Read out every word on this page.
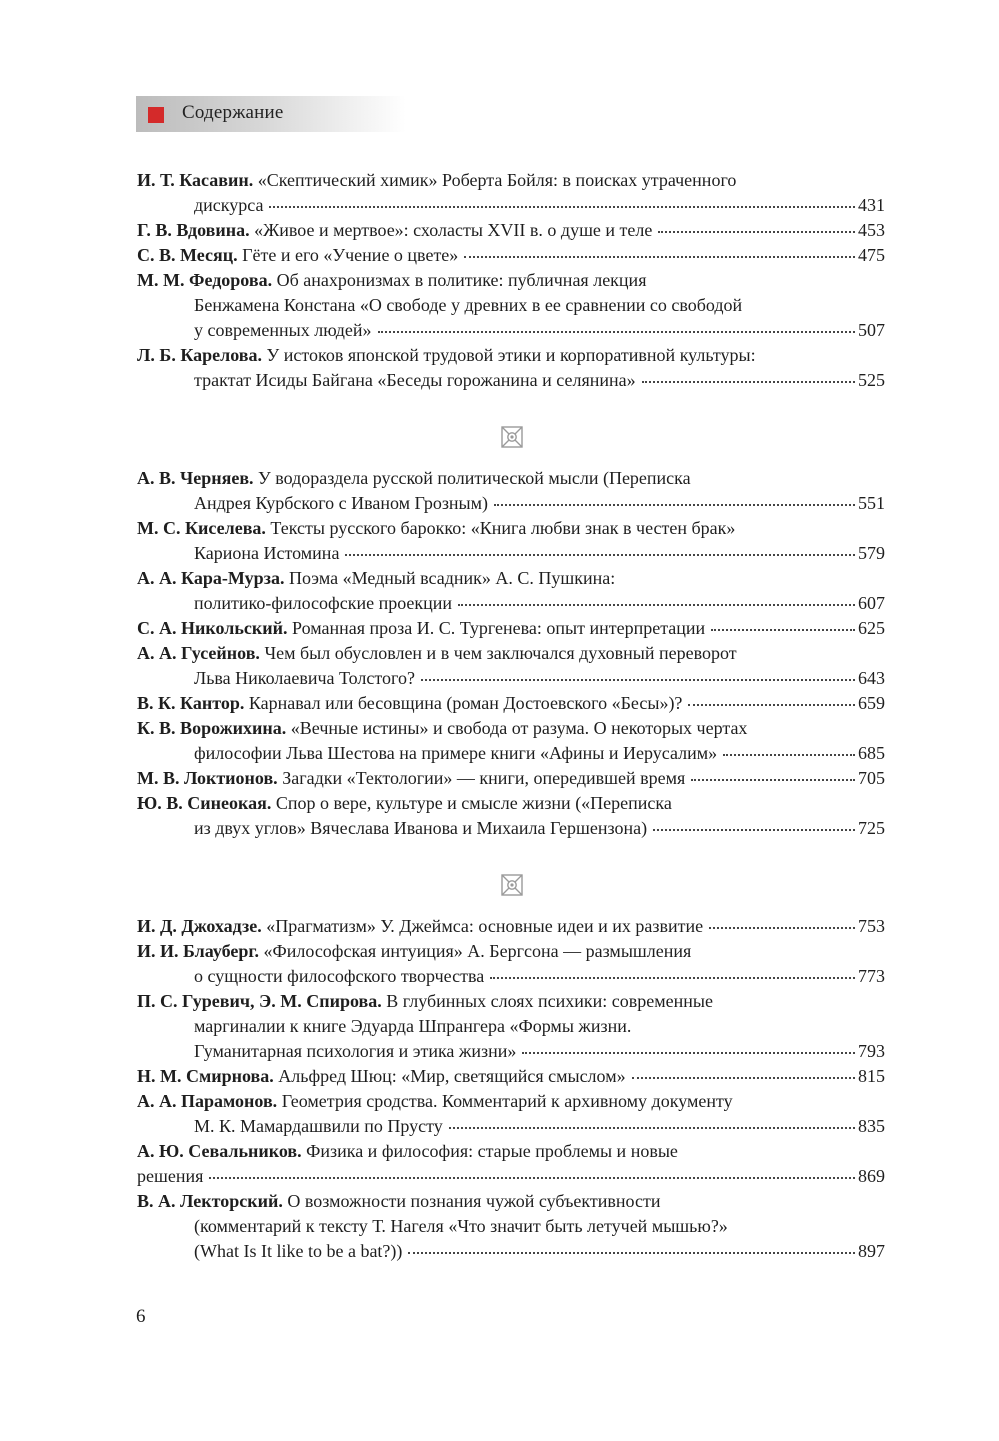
Содержание
И. Т. Касавин. «Скептический химик» Роберта Бойля: в поисках утраченного
дискурса	431
Г. В. Вдовина. «Живое и мертвое»: схоласты XVII в. о душе и теле	453
С. В. Месяц. Гёте и его «Учение о цвете»	475
М. М. Федорова. Об анахронизмах в политике: публичная лекция
Бенжамена Констана «О свободе у древних в ее сравнении со свободой
у современных людей»	507
Л. Б. Карелова. У истоков японской трудовой этики и корпоративной культуры:
трактат Исиды Байгана «Беседы горожанина и селянина»	525
А. В. Черняев. У водораздела русской политической мысли (Переписка
Андрея Курбского с Иваном Грозным)	551
М. С. Киселева. Тексты русского барокко: «Книга любви знак в честен брак»
Кариона Истомина	579
А. А. Кара-Мурза. Поэма «Медный всадник» А. С. Пушкина:
политико-философские проекции	607
С. А. Никольский. Романная проза И. С. Тургенева: опыт интерпретации	625
А. А. Гусейнов. Чем был обусловлен и в чем заключался духовный переворот
Льва Николаевича Толстого?	643
В. К. Кантор. Карнавал или бесовщина (роман Достоевского «Бесы»)?	659
К. В. Ворожихина. «Вечные истины» и свобода от разума. О некоторых чертах
философии Льва Шестова на примере книги «Афины и Иерусалим»	685
М. В. Локтионов. Загадки «Тектологии» — книги, опередившей время	705
Ю. В. Синеокая. Спор о вере, культуре и смысле жизни («Переписка
из двух углов» Вячеслава Иванова и Михаила Гершензона)	725
И. Д. Джохадзе. «Прагматизм» У. Джеймса: основные идеи и их развитие	753
И. И. Блауберг. «Философская интуиция» А. Бергсона — размышления
о сущности философского творчества	773
П. С. Гуревич, Э. М. Спирова. В глубинных слоях психики: современные
маргиналии к книге Эдуарда Шпрангера «Формы жизни.
Гуманитарная психология и этика жизни»	793
Н. М. Смирнова. Альфред Шюц: «Мир, светящийся смыслом»	815
А. А. Парамонов. Геометрия сродства. Комментарий к архивному документу
М. К. Мамардашвили по Прусту	835
А. Ю. Севальников. Физика и философия: старые проблемы и новые
решения	869
В. А. Лекторский. О возможности познания чужой субъективности
(комментарий к тексту Т. Нагеля «Что значит быть летучей мышью?»
(What Is It like to be a bat?))	897
6
